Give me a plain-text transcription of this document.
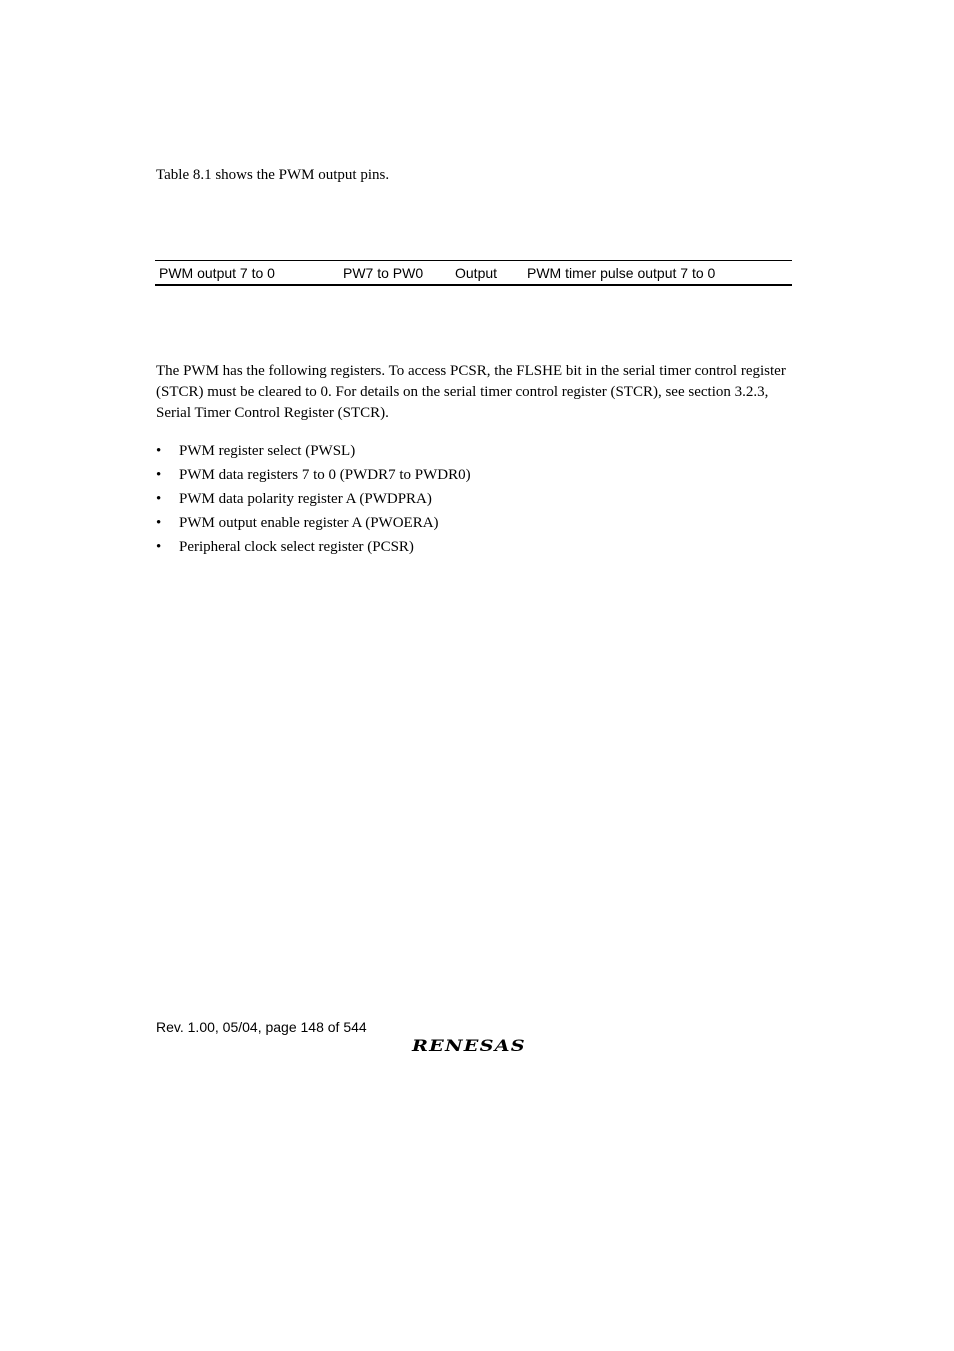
Table 8.1 shows the PWM output pins.
PWM output 7 to 0	PW7 to PW0 Output PWM timer pulse output 7 to 0

The PWM has the following registers. To access PCSR, the FLSHE bit in the serial timer control register (STCR) must be cleared to 0. For details on the serial timer control register (STCR), see section 3.2.3, Serial Timer Control Register (STCR).

• PWM register select (PWSL)
• PWM data registers 7 to 0 (PWDR7 to PWDR0)
• PWM data polarity register A (PWDPRA)
• PWM output enable register A (PWOERA)
• Peripheral clock select register (PCSR)
Rev. 1.00, 05/04, page 148 of 544
RENESAS
